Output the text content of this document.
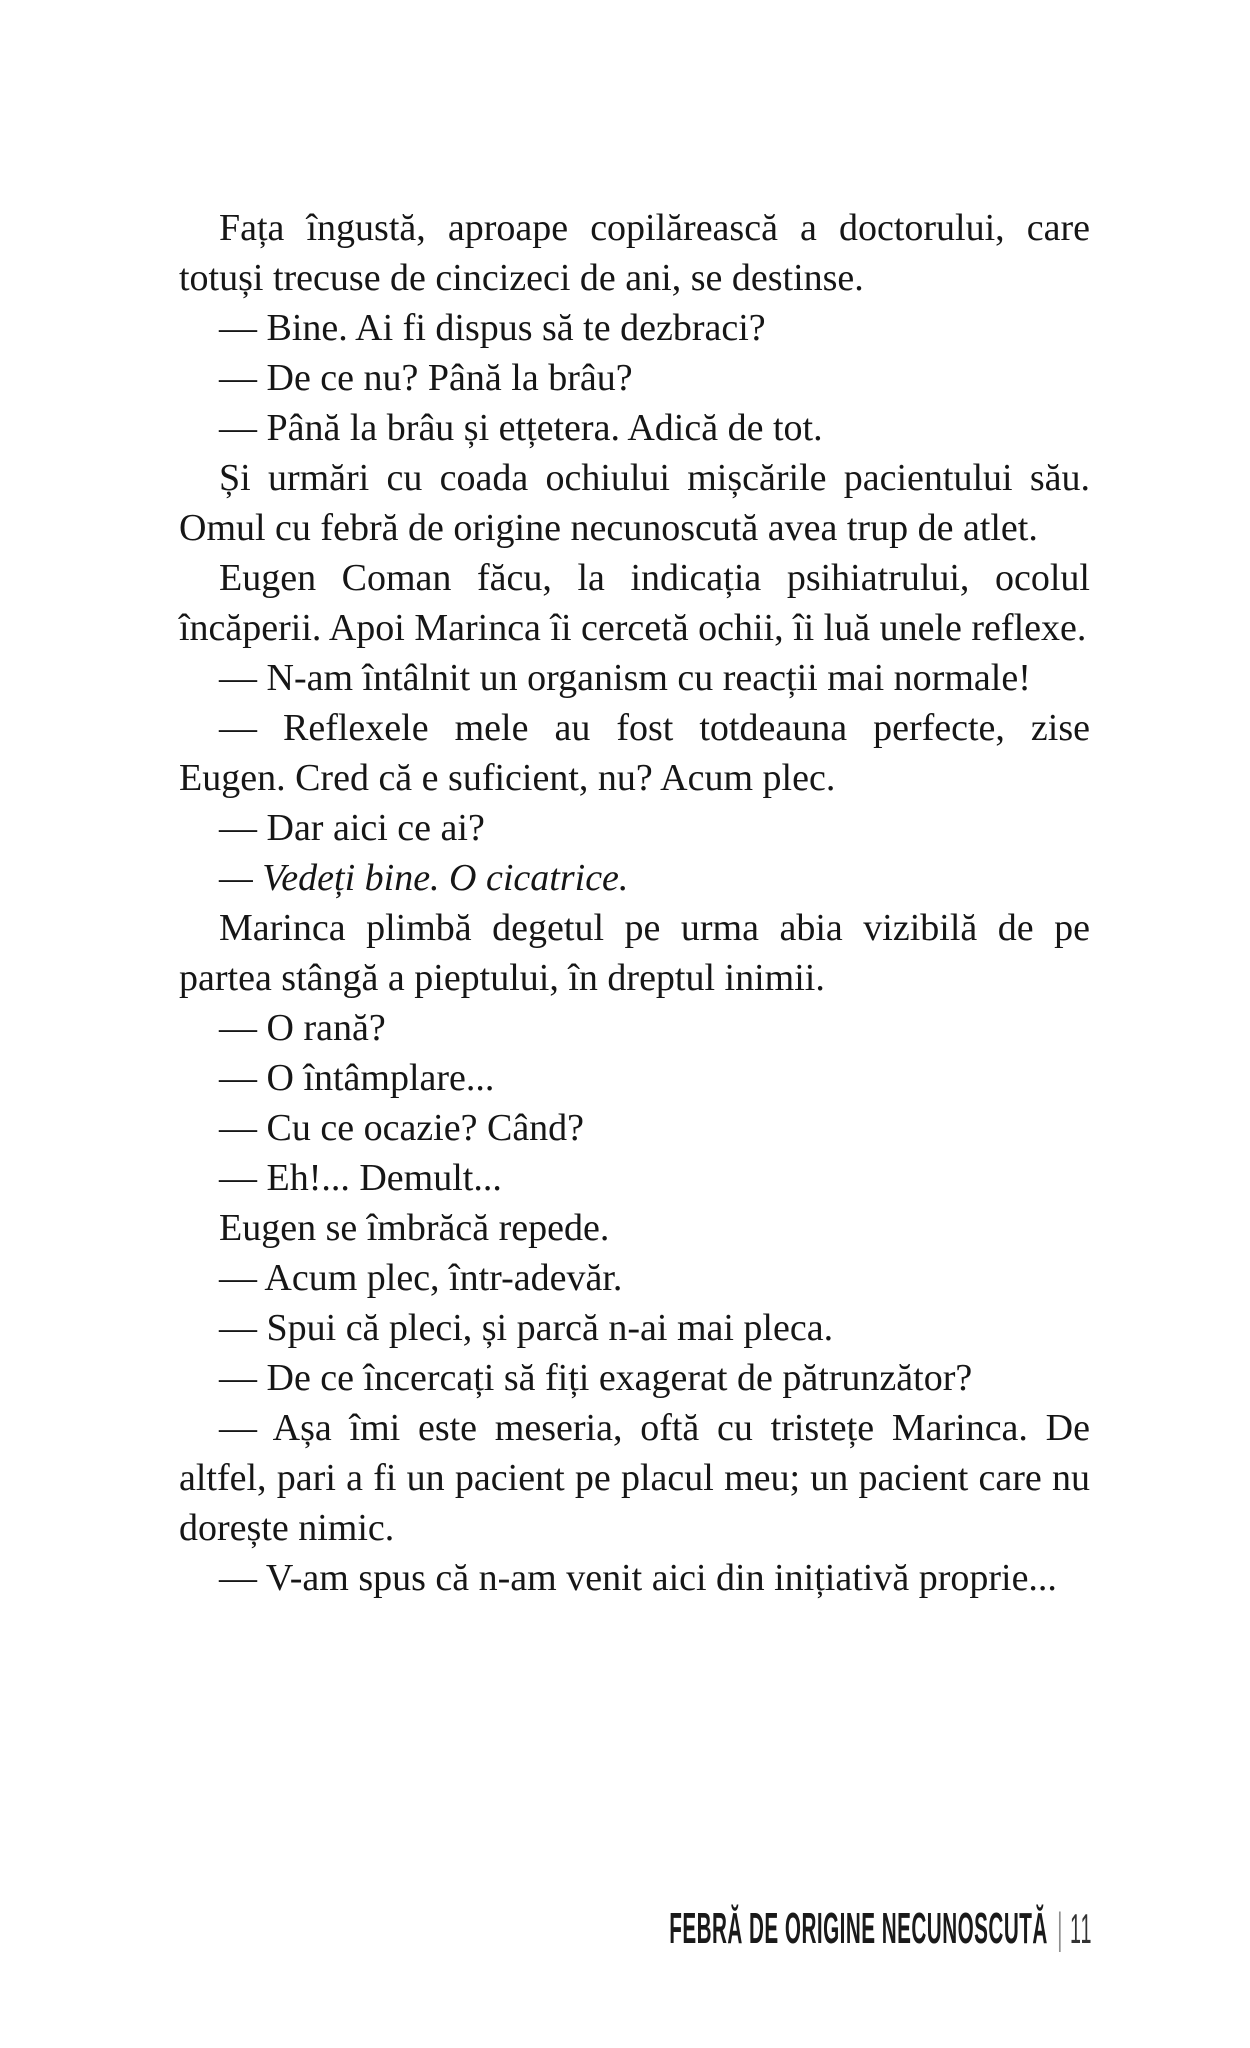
Fața îngustă, aproape copilărească a doctorului, care totuși trecuse de cincizeci de ani, se destinse.

— Bine. Ai fi dispus să te dezbraci?

— De ce nu? Până la brâu?

— Până la brâu și etțetera. Adică de tot.

Și urmări cu coada ochiului mișcările pacientului său. Omul cu febră de origine necunoscută avea trup de atlet.

Eugen Coman făcu, la indicația psihiatrului, ocolul încăperii. Apoi Marinca îi cercetă ochii, îi luă unele reflexe.

— N-am întâlnit un organism cu reacții mai normale!

— Reflexele mele au fost totdeauna perfecte, zise Eugen. Cred că e suficient, nu? Acum plec.

— Dar aici ce ai?

— Vedeți bine. O cicatrice.

Marinca plimbă degetul pe urma abia vizibilă de pe partea stângă a pieptului, în dreptul inimii.

— O rană?

— O întâmplare...

— Cu ce ocazie? Când?

— Eh!... Demult...

Eugen se îmbrăcă repede.

— Acum plec, într-adevăr.

— Spui că pleci, și parcă n-ai mai pleca.

— De ce încercați să fiți exagerat de pătrunzător?

— Așa îmi este meseria, oftă cu tristețe Marinca. De altfel, pari a fi un pacient pe placul meu; un pacient care nu dorește nimic.

— V-am spus că n-am venit aici din inițiativă proprie...

FEBRĂ DE ORIGINE NECUNOSCUTĂ | 11
